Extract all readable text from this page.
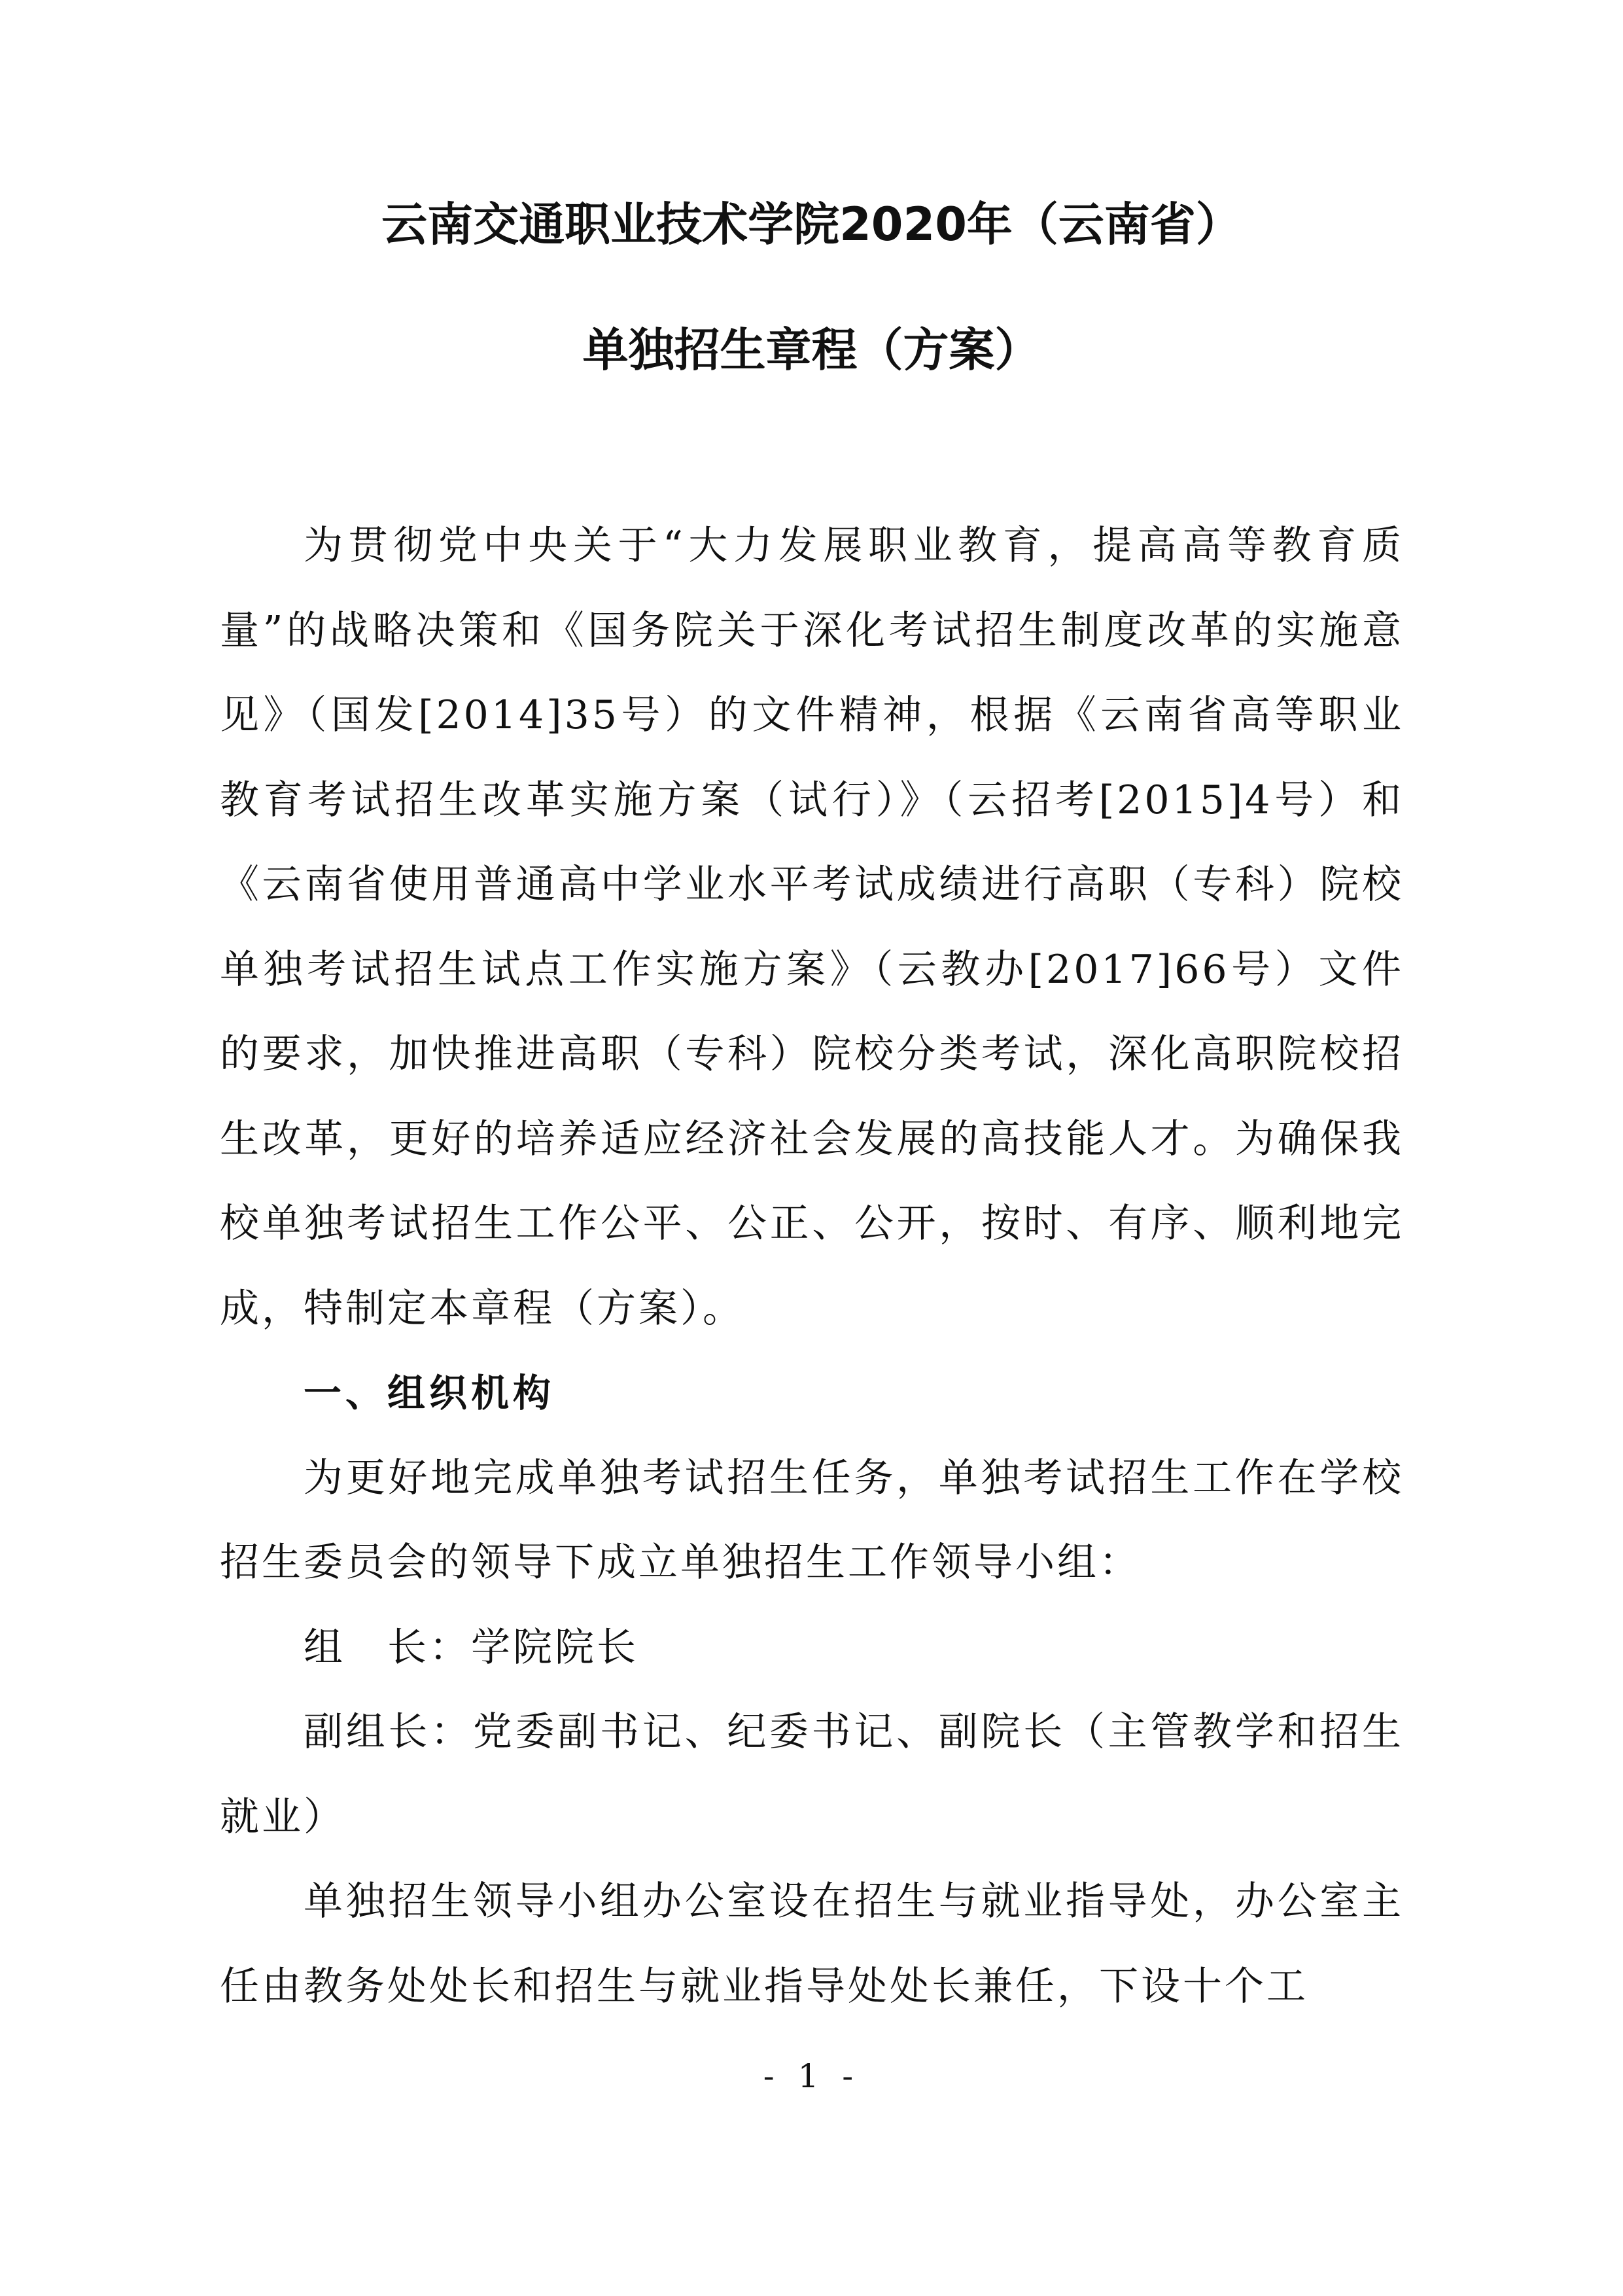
云南交通职业技术学院2020年（云南省）
单独招生章程（方案）

为贯彻党中央关于“大力发展职业教育，提高高等教育质量”的战略决策和《国务院关于深化考试招生制度改革的实施意见》（国发[2014]35号）的文件精神，根据《云南省高等职业教育考试招生改革实施方案（试行）》（云招考[2015]4号）和《云南省使用普通高中学业水平考试成绩进行高职（专科）院校单独考试招生试点工作实施方案》（云教办[2017]66号）文件的要求，加快推进高职（专科）院校分类考试，深化高职院校招生改革，更好的培养适应经济社会发展的高技能人才。为确保我校单独考试招生工作公平、公正、公开，按时、有序、顺利地完成，特制定本章程（方案）。

一、组织机构

为更好地完成单独考试招生任务，单独考试招生工作在学校招生委员会的领导下成立单独招生工作领导小组：

组　长：学院院长

副组长：党委副书记、纪委书记、副院长（主管教学和招生就业）

单独招生领导小组办公室设在招生与就业指导处，办公室主任由教务处处长和招生与就业指导处处长兼任，下设十个工

- 1 -
